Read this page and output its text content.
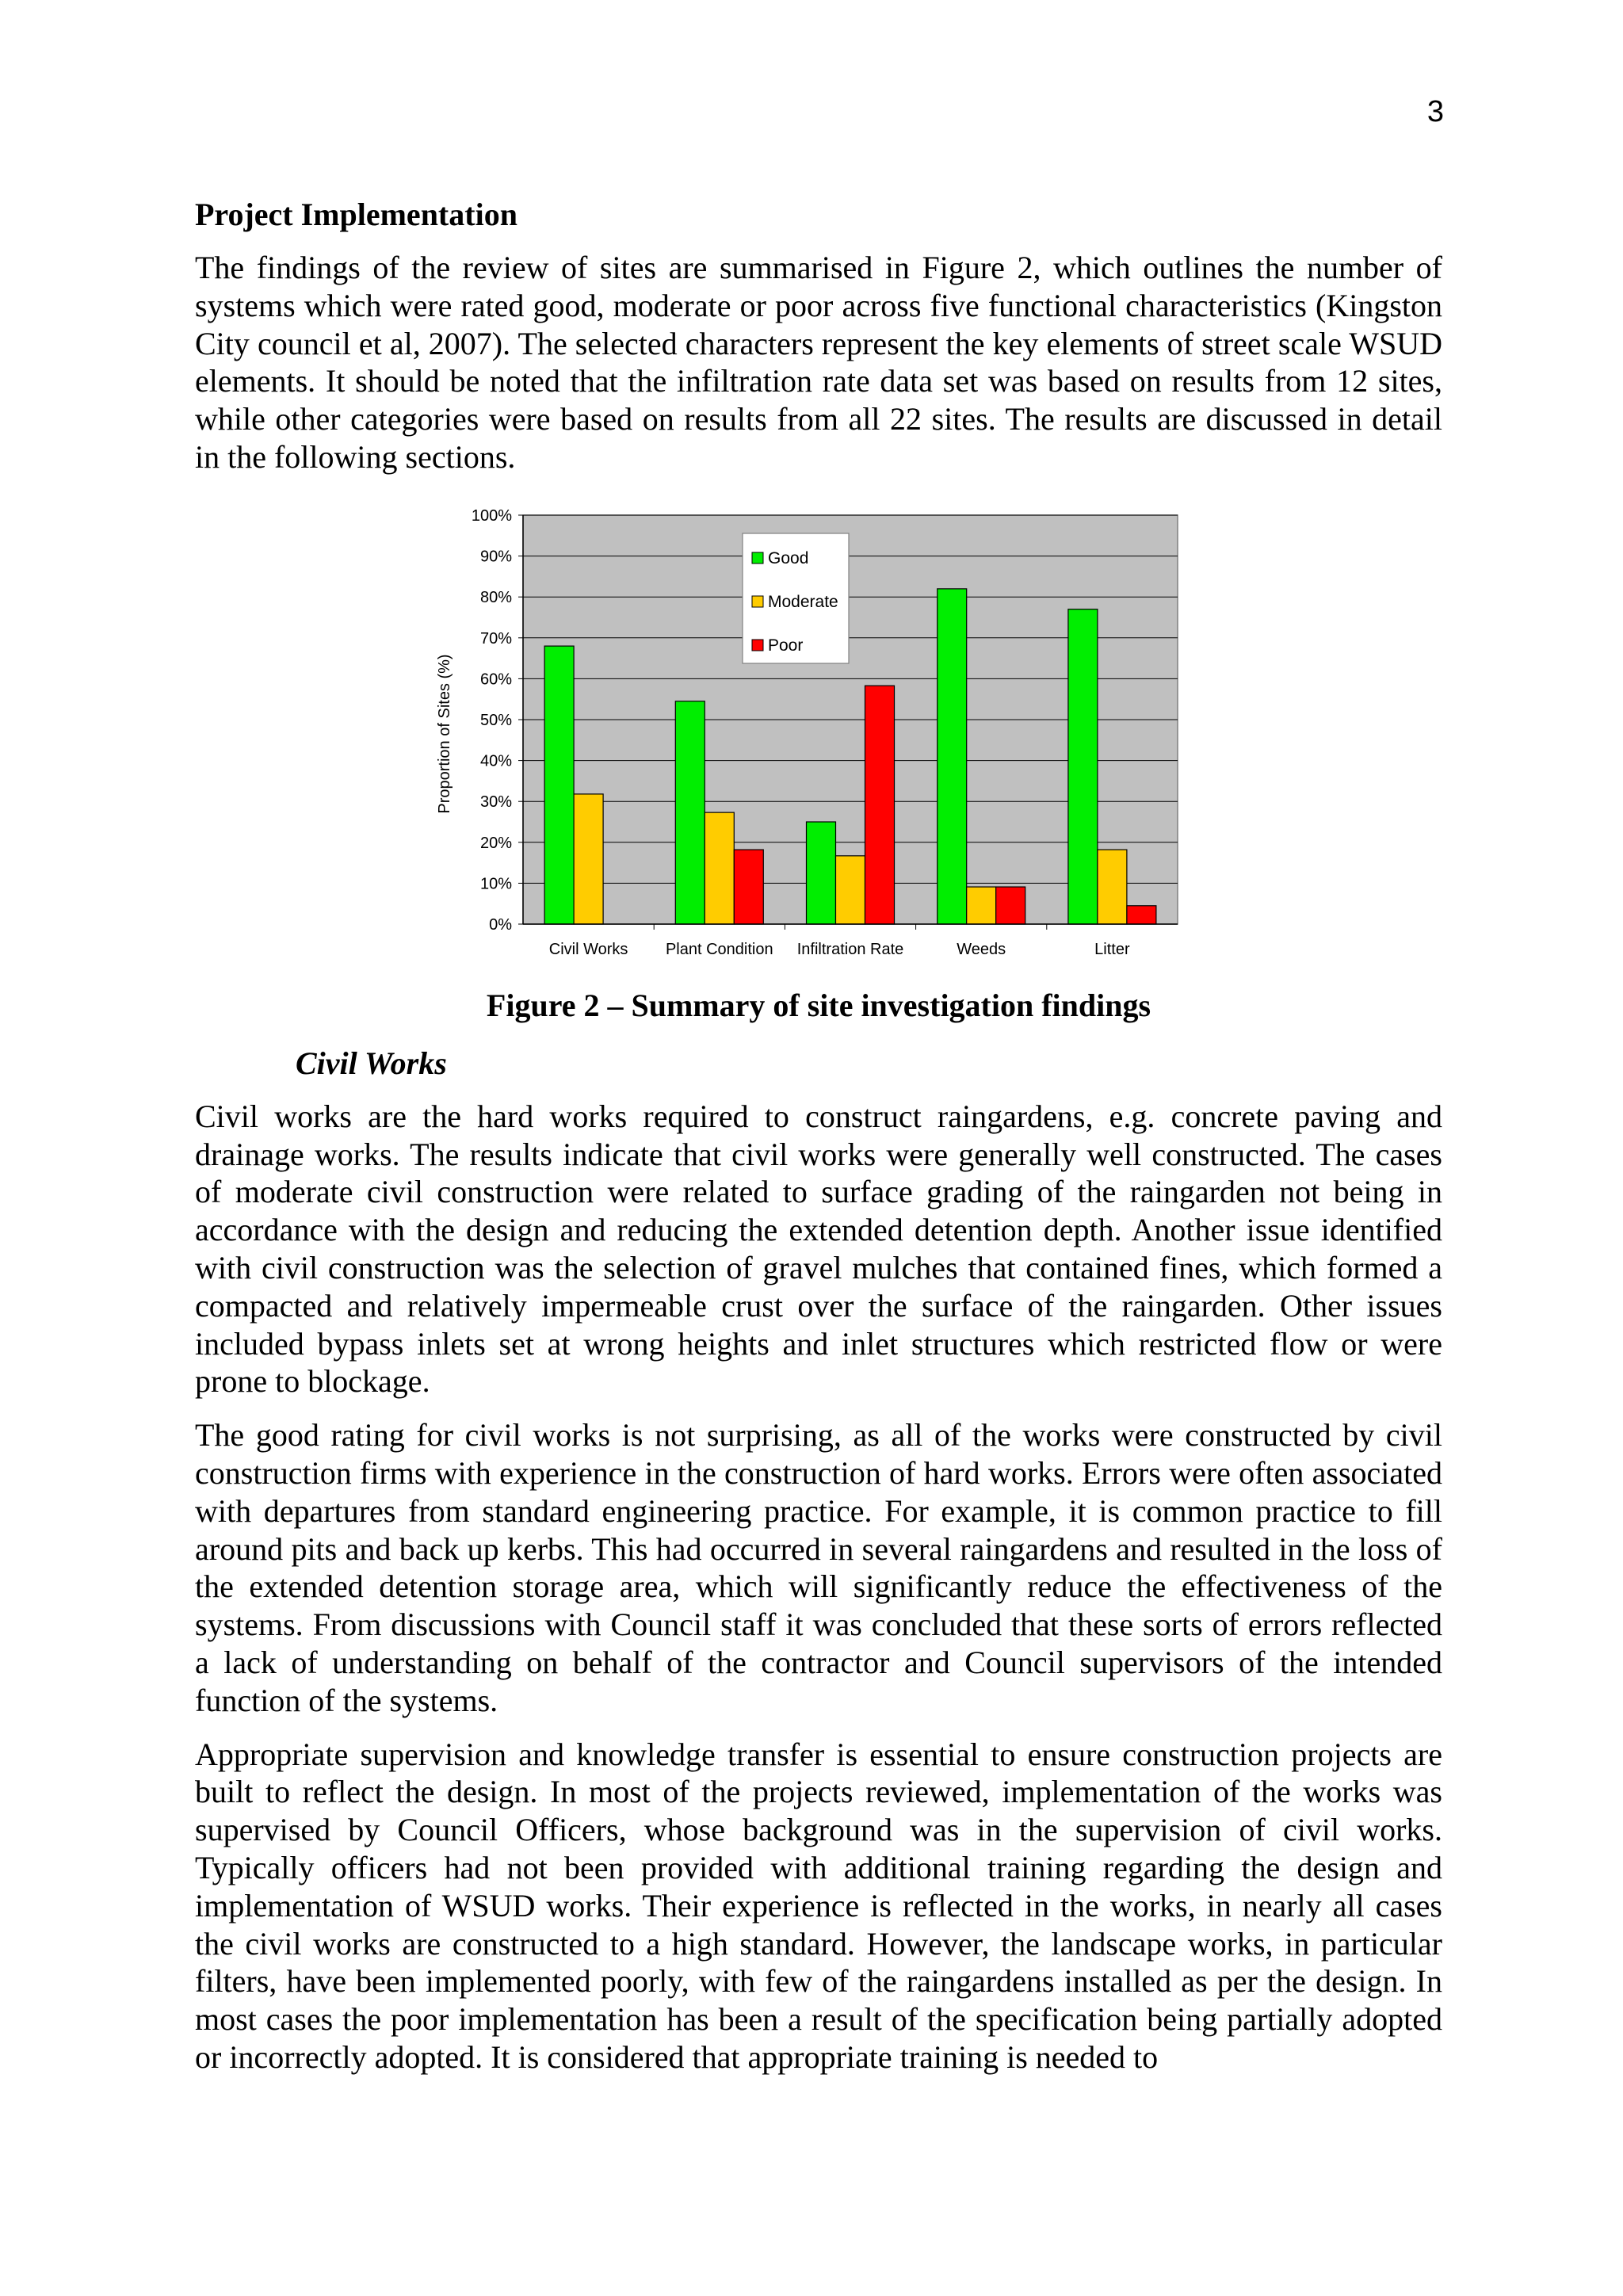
3
Project Implementation
The findings of the review of sites are summarised in Figure 2, which outlines the number of systems which were rated good, moderate or poor across five functional characteristics (Kingston City council et al, 2007). The selected characters represent the key elements of street scale WSUD elements. It should be noted that the infiltration rate data set was based on results from 12 sites, while other categories were based on results from all 22 sites. The results are discussed in detail in the following sections.
0%
10%
20%
30%
40%
50%
60%
70%
80%
90%
100%
Civil Works Plant Condition Infiltration Rate	Weeds	Litter
Good
Moderate
Poor
Proportion of Sites (%)
Figure 2 – Summary of site investigation findings
Civil Works
Civil works are the hard works required to construct raingardens, e.g. concrete paving and drainage works. The results indicate that civil works were generally well constructed. The cases of moderate civil construction were related to surface grading of the raingarden not being in accordance with the design and reducing the extended detention depth. Another issue identified with civil construction was the selection of gravel mulches that contained fines, which formed a compacted and relatively impermeable crust over the surface of the raingarden. Other issues included bypass inlets set at wrong heights and inlet structures which restricted flow or were prone to blockage.
The good rating for civil works is not surprising, as all of the works were constructed by civil construction firms with experience in the construction of hard works. Errors were often associated with departures from standard engineering practice. For example, it is common practice to fill around pits and back up kerbs. This had occurred in several raingardens and resulted in the loss of the extended detention storage area, which will significantly reduce the effectiveness of the systems. From discussions with Council staff it was concluded that these sorts of errors reflected a lack of understanding on behalf of the contractor and Council supervisors of the intended function of the systems.
Appropriate supervision and knowledge transfer is essential to ensure construction projects are built to reflect the design. In most of the projects reviewed, implementation of the works was supervised by Council Officers, whose background was in the supervision of civil works. Typically officers had not been provided with additional training regarding the design and implementation of WSUD works. Their experience is reflected in the works, in nearly all cases the civil works are constructed to a high standard. However, the landscape works, in particular filters, have been implemented poorly, with few of the raingardens installed as per the design. In most cases the poor implementation has been a result of the specification being partially adopted or incorrectly adopted. It is considered that appropriate training is needed to
